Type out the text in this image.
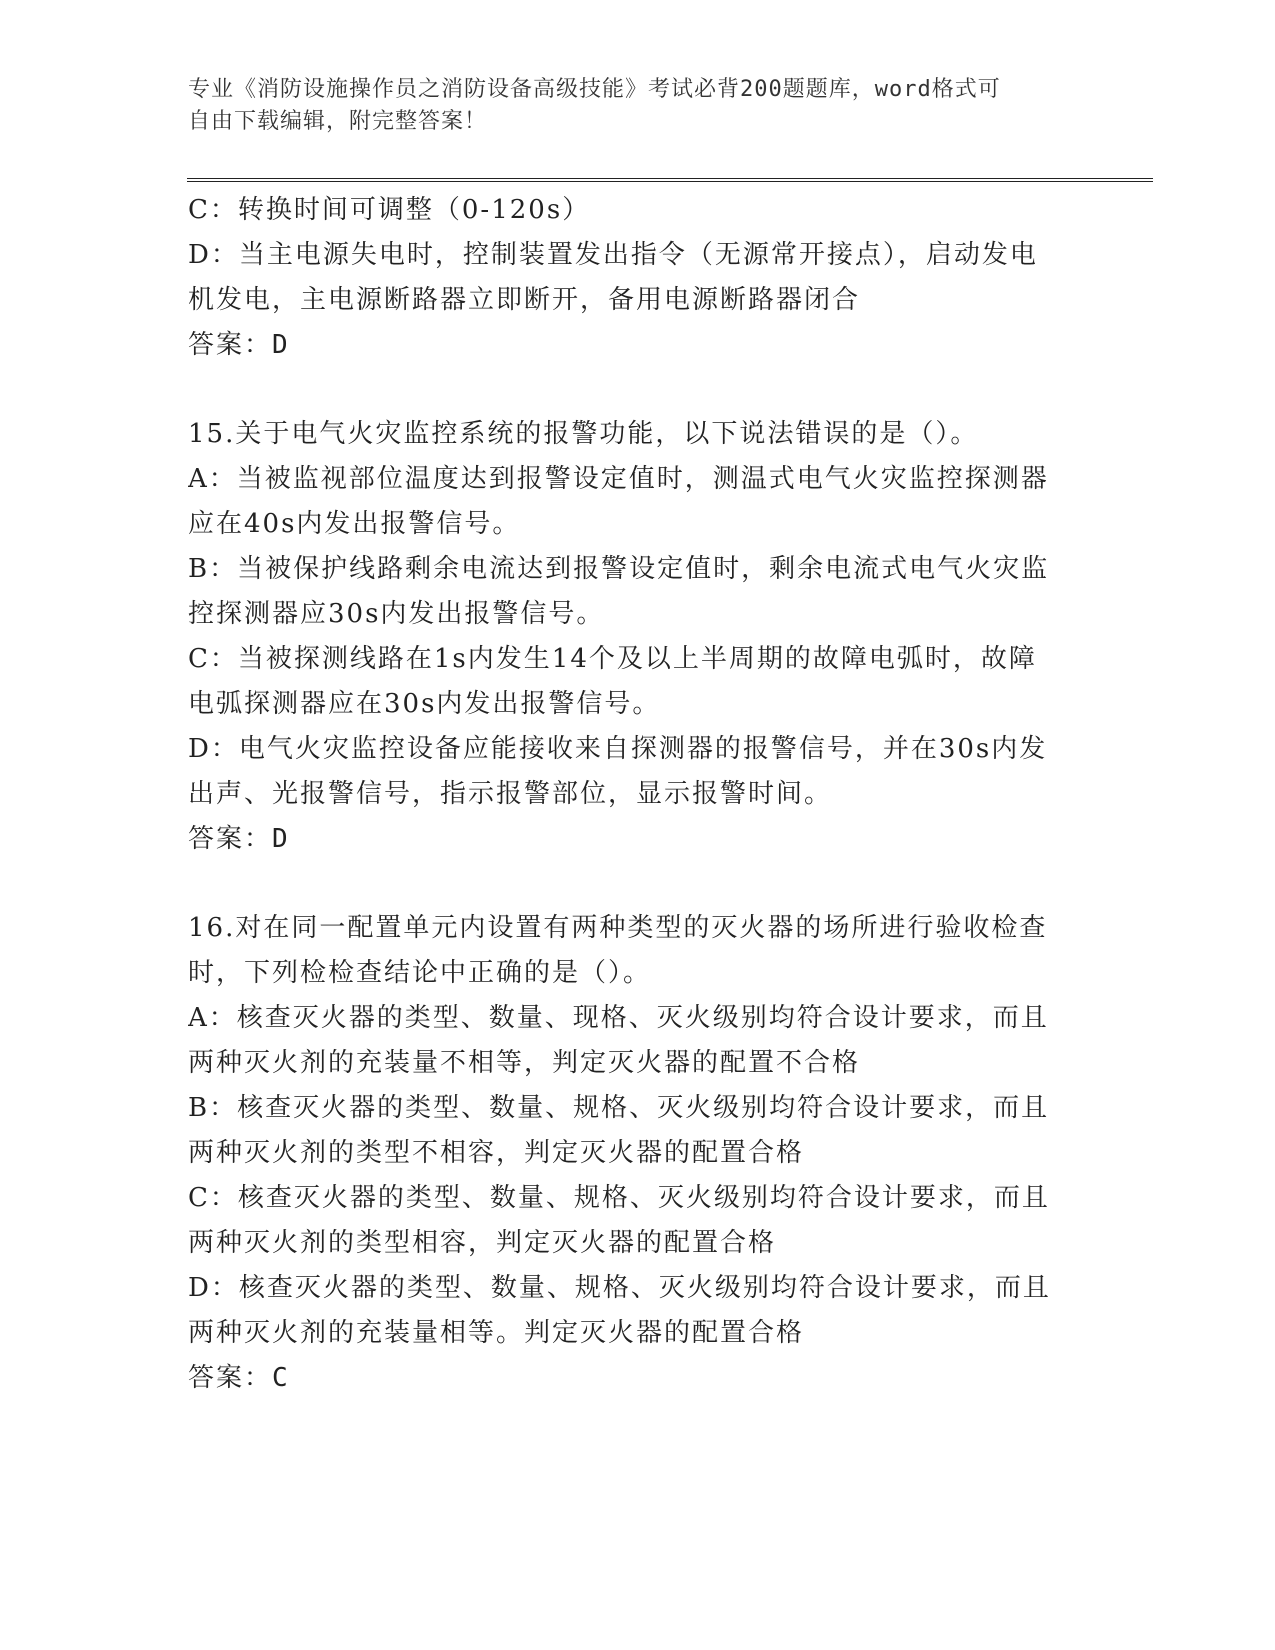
专业《消防设施操作员之消防设备高级技能》考试必背200题题库，word格式可
自由下载编辑，附完整答案！
C：转换时间可调整（0-120s）
D：当主电源失电时，控制装置发出指令（无源常开接点），启动发电
机发电，主电源断路器立即断开，备用电源断路器闭合
答案：D
15.关于电气火灾监控系统的报警功能，以下说法错误的是（）。
A：当被监视部位温度达到报警设定值时，测温式电气火灾监控探测器
应在40s内发出报警信号。
B：当被保护线路剩余电流达到报警设定值时，剩余电流式电气火灾监
控探测器应30s内发出报警信号。
C：当被探测线路在1s内发生14个及以上半周期的故障电弧时，故障
电弧探测器应在30s内发出报警信号。
D：电气火灾监控设备应能接收来自探测器的报警信号，并在30s内发
出声、光报警信号，指示报警部位，显示报警时间。
答案：D
16.对在同一配置单元内设置有两种类型的灭火器的场所进行验收检查
时，下列检检查结论中正确的是（）。
A：核查灭火器的类型、数量、现格、灭火级别均符合设计要求，而且
两种灭火剂的充装量不相等，判定灭火器的配置不合格
B：核查灭火器的类型、数量、规格、灭火级别均符合设计要求，而且
两种灭火剂的类型不相容，判定灭火器的配置合格
C：核查灭火器的类型、数量、规格、灭火级别均符合设计要求，而且
两种灭火剂的类型相容，判定灭火器的配置合格
D：核查灭火器的类型、数量、规格、灭火级别均符合设计要求，而且
两种灭火剂的充装量相等。判定灭火器的配置合格
答案：C
